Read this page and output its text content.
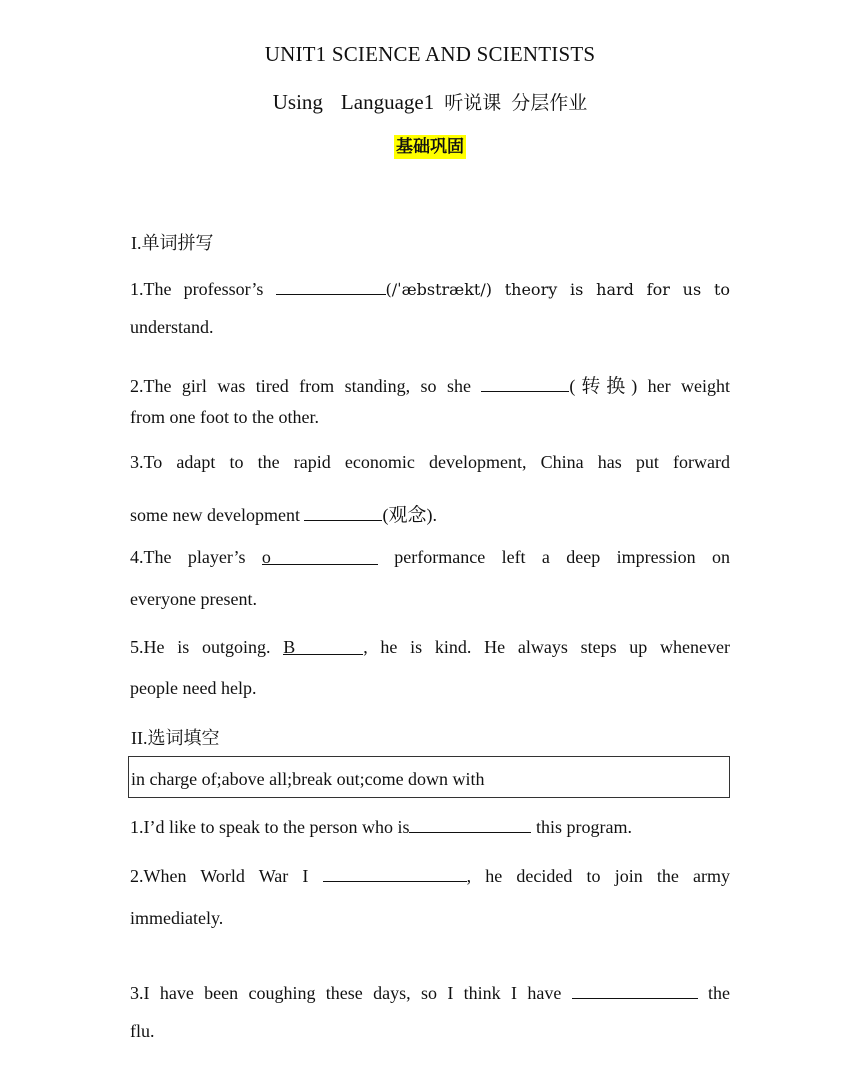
UNIT1 SCIENCE AND SCIENTISTS
Using Language1 听说课 分层作业
基础巩固
I.单词拼写
1.The professor’s	(/ˈæbstrækt/) theory is hard for us to
understand.
2.The girl was tired from standing, so she	(转换) her weight
from one foot to the other.
3.To adapt to the rapid economic development, China has put forward
some new development	(观念).
4.The player’s o	performance left a deep impression on
everyone present.
5.He is outgoing. B	, he is kind. He always steps up whenever
people need help.
II.选词填空
in charge of;above all;break out;come down with
1.I’d like to speak to the person who is	this program.
2.When World War I	, he decided to join the army
immediately.
3.I have been coughing these days, so I think I have	the
flu.
